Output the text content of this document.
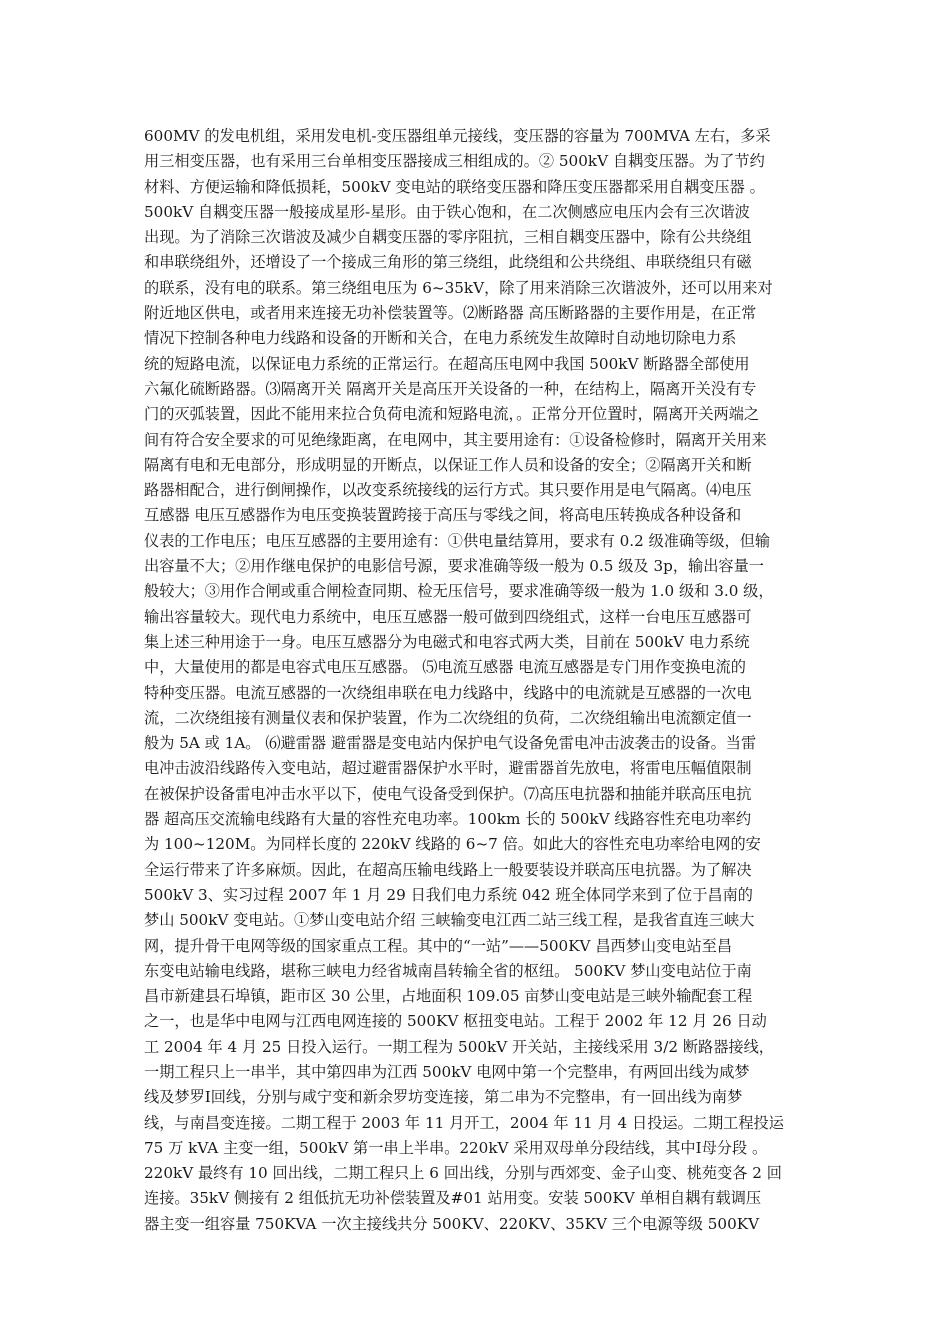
600MV 的发电机组，采用发电机-变压器组单元接线，变压器的容量为 700MVA 左右，多采
用三相变压器，也有采用三台单相变压器接成三相组成的。② 500kV 自耦变压器。为了节约
材料、方便运输和降低损耗，500kV 变电站的联络变压器和降压变压器都采用自耦变压器 。
500kV 自耦变压器一般接成星形-星形。由于铁心饱和，在二次侧感应电压内会有三次谐波
出现。为了消除三次谐波及减少自耦变压器的零序阻抗，三相自耦变压器中，除有公共绕组
和串联绕组外，还增设了一个接成三角形的第三绕组，此绕组和公共绕组、串联绕组只有磁
的联系，没有电的联系。第三绕组电压为 6~35kV，除了用来消除三次谐波外，还可以用来对
附近地区供电，或者用来连接无功补偿装置等。⑵断路器 高压断路器的主要作用是，在正常
情况下控制各种电力线路和设备的开断和关合，在电力系统发生故障时自动地切除电力系
统的短路电流，以保证电力系统的正常运行。在超高压电网中我国 500kV 断路器全部使用
六氟化硫断路器。⑶隔离开关 隔离开关是高压开关设备的一种，在结构上，隔离开关没有专
门的灭弧装置，因此不能用来拉合负荷电流和短路电流，。正常分开位置时，隔离开关两端之
间有符合安全要求的可见绝缘距离，在电网中，其主要用途有：①设备检修时，隔离开关用来
隔离有电和无电部分，形成明显的开断点，以保证工作人员和设备的安全；②隔离开关和断
路器相配合，进行倒闸操作，以改变系统接线的运行方式。其只要作用是电气隔离。⑷电压
互感器 电压互感器作为电压变换装置跨接于高压与零线之间，将高电压转换成各种设备和
仪表的工作电压；电压互感器的主要用途有：①供电量结算用，要求有 0.2 级准确等级，但输
出容量不大；②用作继电保护的电影信号源，要求准确等级一般为 0.5 级及 3p，输出容量一
般较大；③用作合闸或重合闸检查同期、检无压信号，要求准确等级一般为 1.0 级和 3.0 级，
输出容量较大。现代电力系统中，电压互感器一般可做到四绕组式，这样一台电压互感器可
集上述三种用途于一身。电压互感器分为电磁式和电容式两大类，目前在 500kV 电力系统
中，大量使用的都是电容式电压互感器。 ⑸电流互感器 电流互感器是专门用作变换电流的
特种变压器。电流互感器的一次绕组串联在电力线路中，线路中的电流就是互感器的一次电
流，二次绕组接有测量仪表和保护装置，作为二次绕组的负荷，二次绕组输出电流额定值一
般为 5A 或 1A。 ⑹避雷器 避雷器是变电站内保护电气设备免雷电冲击波袭击的设备。当雷
电冲击波沿线路传入变电站，超过避雷器保护水平时，避雷器首先放电，将雷电压幅值限制
在被保护设备雷电冲击水平以下，使电气设备受到保护。⑺高压电抗器和抽能并联高压电抗
器 超高压交流输电线路有大量的容性充电功率。100km 长的 500kV 线路容性充电功率约
为 100~120M。为同样长度的 220kV 线路的 6~7 倍。如此大的容性充电功率给电网的安
全运行带来了许多麻烦。因此，在超高压输电线路上一般要装设并联高压电抗器。为了解决
500kV 3、实习过程 2007 年 1 月 29 日我们电力系统 042 班全体同学来到了位于昌南的
梦山 500kV 变电站。①梦山变电站介绍 三峡输变电江西二站三线工程，是我省直连三峡大
网，提升骨干电网等级的国家重点工程。其中的“一站”——500KV 昌西梦山变电站至昌
东变电站输电线路，堪称三峡电力经省城南昌转输全省的枢纽。 500KV 梦山变电站位于南
昌市新建县石埠镇，距市区 30 公里，占地面积 109.05 亩梦山变电站是三峡外输配套工程
之一，也是华中电网与江西电网连接的 500KV 枢扭变电站。工程于 2002 年 12 月 26 日动
工 2004 年 4 月 25 日投入运行。一期工程为 500kV 开关站，主接线采用 3/2 断路器接线，
一期工程只上一串半，其中第四串为江西 500kV 电网中第一个完整串，有两回出线为咸梦
线及梦罗Ⅰ回线，分别与咸宁变和新余罗坊变连接，第二串为不完整串，有一回出线为南梦
线，与南昌变连接。二期工程于 2003 年 11 月开工，2004 年 11 月 4 日投运。二期工程投运
75 万 kVA 主变一组，500kV 第一串上半串。220kV 采用双母单分段结线，其中Ⅰ母分段 。
220kV 最终有 10 回出线，二期工程只上 6 回出线，分别与西郊变、金子山变、桃苑变各 2 回
连接。35kV 侧接有 2 组低抗无功补偿装置及#01 站用变。安装 500KV 单相自耦有载调压
器主变一组容量 750KVA 一次主接线共分 500KV、220KV、35KV 三个电源等级 500KV
